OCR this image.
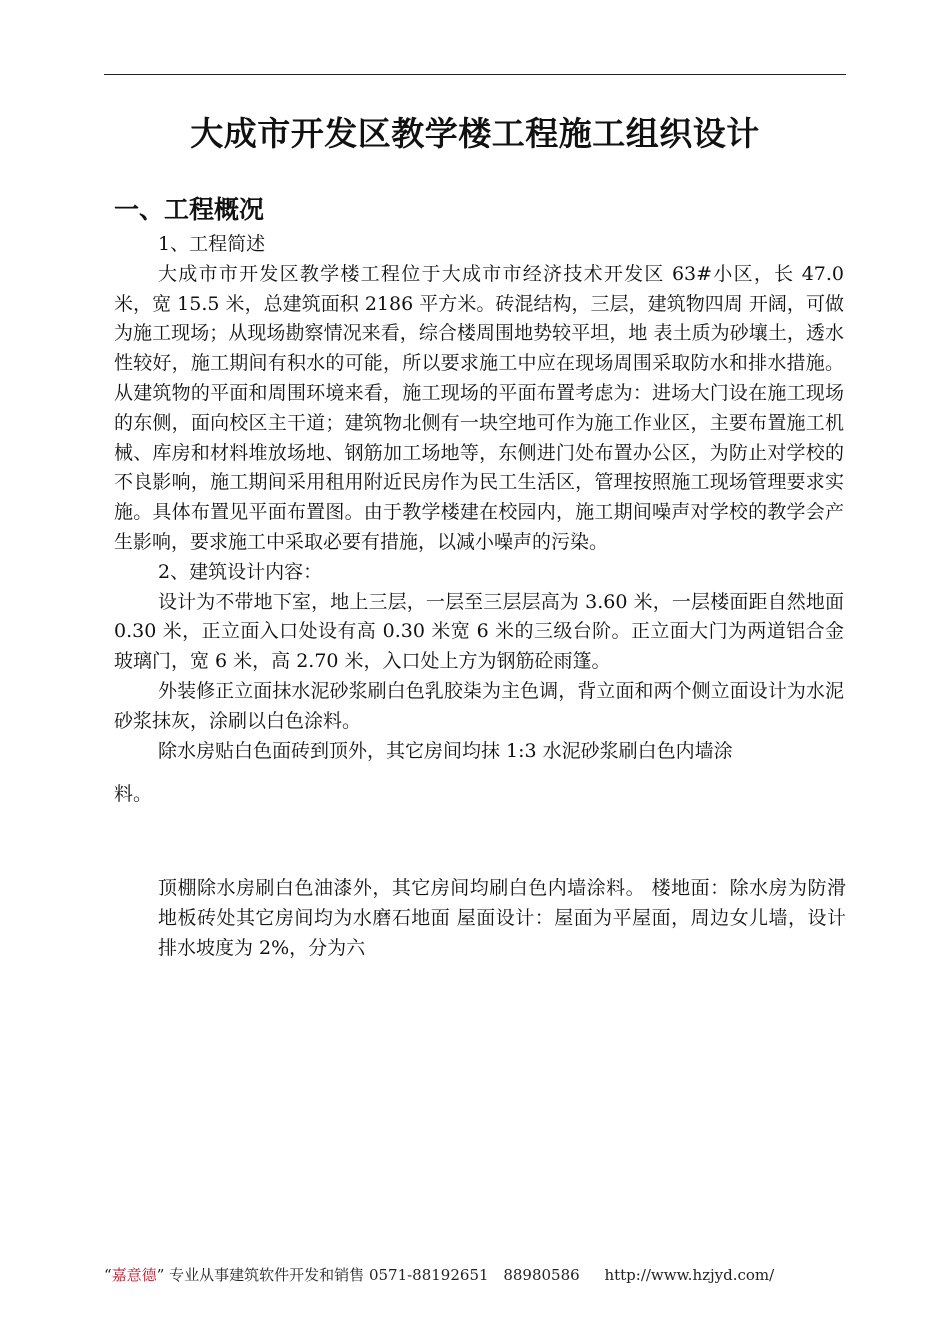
大成市开发区教学楼工程施工组织设计
一、工程概况

1、工程简述

大成市市开发区教学楼工程位于大成市市经济技术开发区 63#小区，长 47.0 米，宽 15.5 米，总建筑面积 2186 平方米。砖混结构，三层，建筑物四周 开阔，可做为施工现场；从现场勘察情况来看，综合楼周围地势较平坦，地 表土质为砂壤土，透水性较好，施工期间有积水的可能，所以要求施工中应在现场周围采取防水和排水措施。从建筑物的平面和周围环境来看，施工现场的平面布置考虑为：进场大门设在施工现场的东侧，面向校区主干道；建筑物北侧有一块空地可作为施工作业区，主要布置施工机械、库房和材料堆放场地、钢筋加工场地等，东侧进门处布置办公区，为防止对学校的不良影响，施工期间采用租用附近民房作为民工生活区，管理按照施工现场管理要求实施。具体布置见平面布置图。由于教学楼建在校园内，施工期间噪声对学校的教学会产生影响，要求施工中采取必要有措施，以减小噪声的污染。

2、建筑设计内容：

设计为不带地下室，地上三层，一层至三层层高为 3.60 米，一层楼面距自然地面 0.30 米，正立面入口处设有高 0.30 米宽 6 米的三级台阶。正立面大门为两道铝合金玻璃门，宽 6 米，高 2.70 米，入口处上方为钢筋砼雨篷。

外装修正立面抹水泥砂浆刷白色乳胶柒为主色调，背立面和两个侧立面设计为水泥砂浆抹灰，涂刷以白色涂料。

除水房贴白色面砖到顶外，其它房间均抹 1:3 水泥砂浆刷白色内墙涂

料。

顶棚除水房刷白色油漆外，其它房间均刷白色内墙涂料。 楼地面：除水房为防滑地板砖处其它房间均为水磨石地面 屋面设计：屋面为平屋面，周边女儿墙，设计排水坡度为 2%，分为六

“嘉意德” 专业从事建筑软件开发和销售 0571-88192651 88980586 http://www.hzjyd.com/
